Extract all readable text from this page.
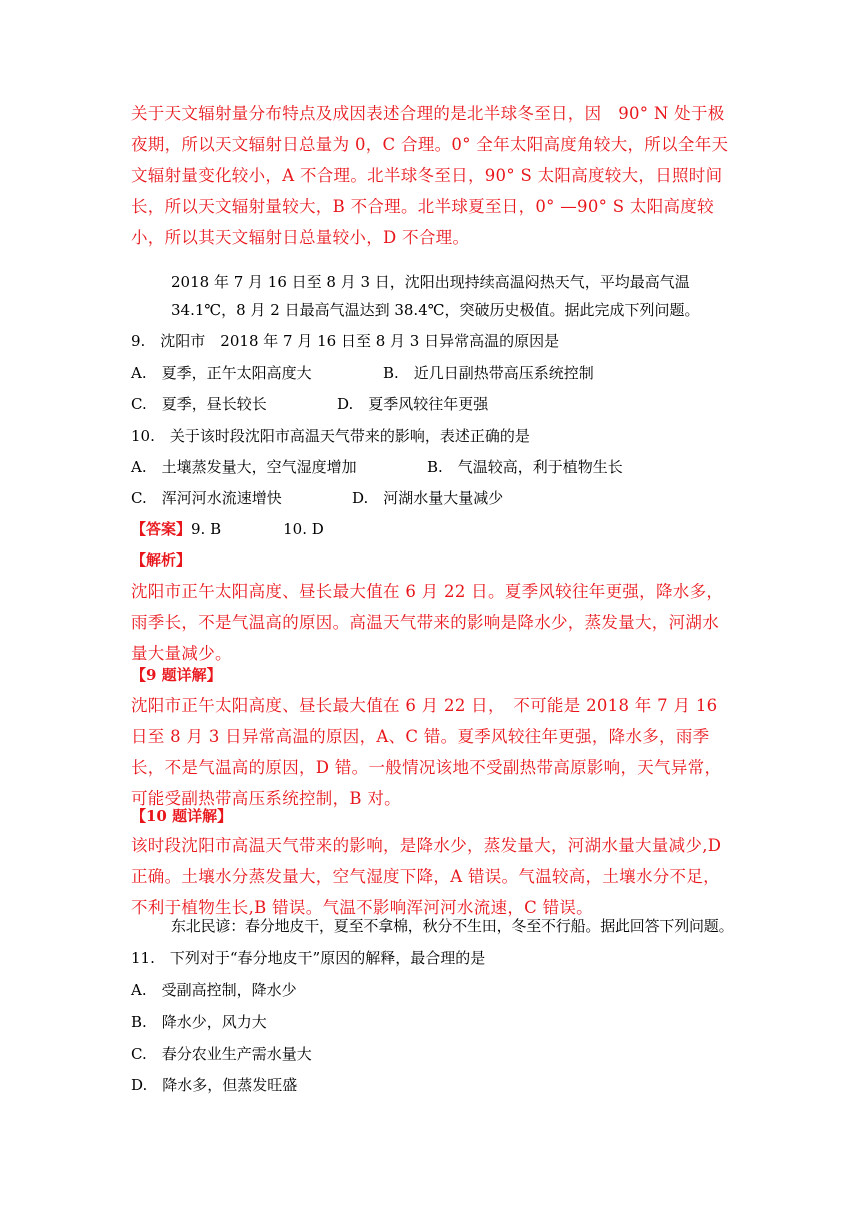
关于天文辐射量分布特点及成因表述合理的是北半球冬至日，因　90° N 处于极夜期，所以天文辐射日总量为 0，C 合理。0° 全年太阳高度角较大，所以全年天文辐射量变化较小，A 不合理。北半球冬至日，90° S 太阳高度较大，日照时间长，所以天文辐射量较大，B 不合理。北半球夏至日，0° —90° S 太阳高度较小，所以其天文辐射日总量较小，D 不合理。

2018 年 7 月 16 日至 8 月 3 日，沈阳出现持续高温闷热天气，平均最高气温

34.1℃，8 月 2 日最高气温达到 38.4℃，突破历史极值。据此完成下列问题。

9.　沈阳市　2018 年 7 月 16 日至 8 月 3 日异常高温的原因是

A.　夏季，正午太阳高度大	B.　近几日副热带高压系统控制

C.　夏季，昼长较长	D.　夏季风较往年更强

10.　关于该时段沈阳市高温天气带来的影响，表述正确的是

A.　土壤蒸发量大，空气湿度增加	B.　气温较高，利于植物生长

C.　浑河河水流速增快	D.　河湖水量大量减少

【答案】9. B	10. D

【解析】

沈阳市正午太阳高度、昼长最大值在 6 月 22 日。夏季风较往年更强，降水多，雨季长，不是气温高的原因。高温天气带来的影响是降水少，蒸发量大，河湖水量大量减少。

【9 题详解】

沈阳市正午太阳高度、昼长最大值在 6 月 22 日，　不可能是 2018 年 7 月 16 日至 8 月 3 日异常高温的原因，A、C 错。夏季风较往年更强，降水多，雨季长，不是气温高的原因，D 错。一般情况该地不受副热带高原影响，天气异常，可能受副热带高压系统控制，B 对。

【10 题详解】

该时段沈阳市高温天气带来的影响，是降水少，蒸发量大，河湖水量大量减少,D 正确。土壤水分蒸发量大，空气湿度下降，A 错误。气温较高，土壤水分不足，不利于植物生长,B 错误。气温不影响浑河河水流速，C 错误。

东北民谚：春分地皮干，夏至不拿棉，秋分不生田，冬至不行船。据此回答下列问题。

11.　下列对于“春分地皮干”原因的解释，最合理的是

A.　受副高控制，降水少

B.　降水少，风力大

C.　春分农业生产需水量大

D.　降水多，但蒸发旺盛
